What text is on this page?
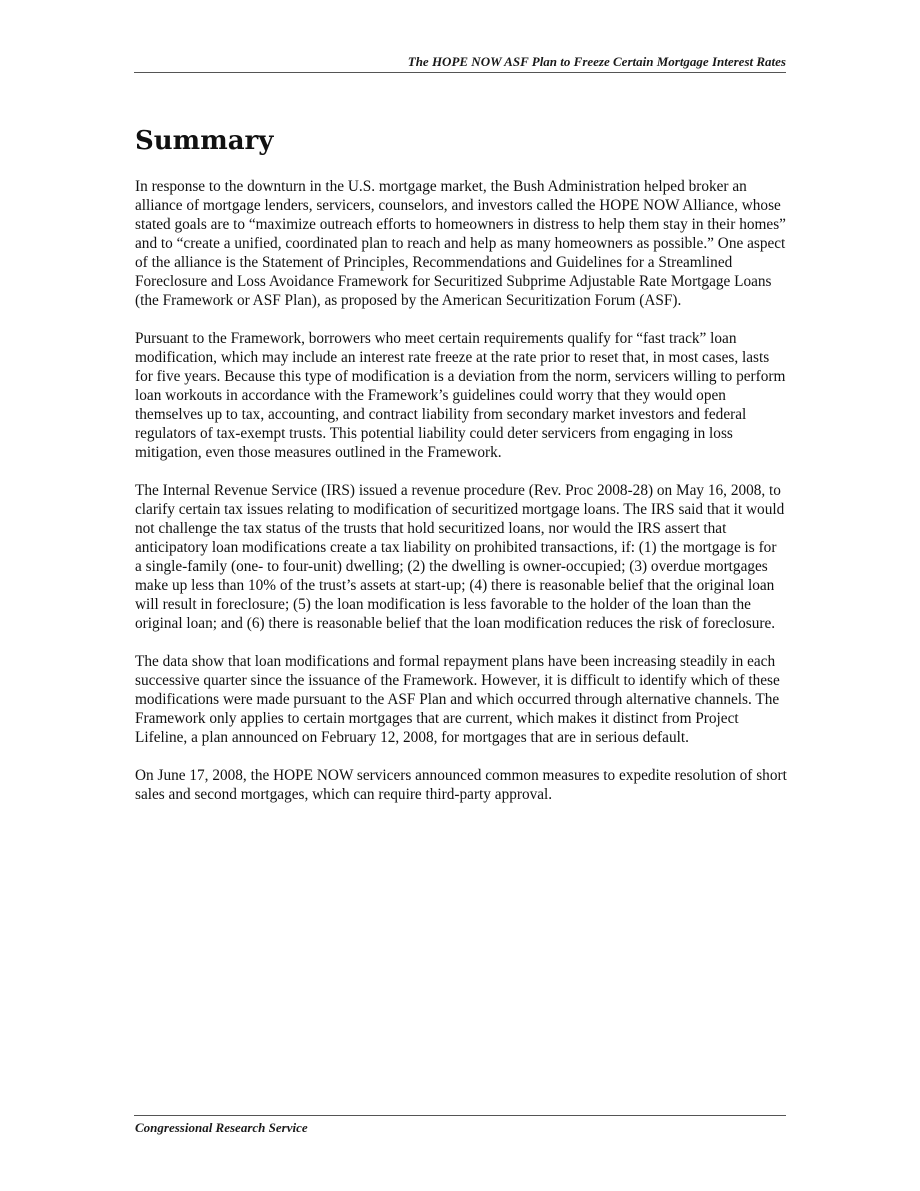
The HOPE NOW ASF Plan to Freeze Certain Mortgage Interest Rates
Summary

In response to the downturn in the U.S. mortgage market, the Bush Administration helped broker an alliance of mortgage lenders, servicers, counselors, and investors called the HOPE NOW Alliance, whose stated goals are to “maximize outreach efforts to homeowners in distress to help them stay in their homes” and to “create a unified, coordinated plan to reach and help as many homeowners as possible.” One aspect of the alliance is the Statement of Principles, Recommendations and Guidelines for a Streamlined Foreclosure and Loss Avoidance Framework for Securitized Subprime Adjustable Rate Mortgage Loans (the Framework or ASF Plan), as proposed by the American Securitization Forum (ASF).

Pursuant to the Framework, borrowers who meet certain requirements qualify for “fast track” loan modification, which may include an interest rate freeze at the rate prior to reset that, in most cases, lasts for five years. Because this type of modification is a deviation from the norm, servicers willing to perform loan workouts in accordance with the Framework’s guidelines could worry that they would open themselves up to tax, accounting, and contract liability from secondary market investors and federal regulators of tax-exempt trusts. This potential liability could deter servicers from engaging in loss mitigation, even those measures outlined in the Framework.

The Internal Revenue Service (IRS) issued a revenue procedure (Rev. Proc 2008-28) on May 16, 2008, to clarify certain tax issues relating to modification of securitized mortgage loans. The IRS said that it would not challenge the tax status of the trusts that hold securitized loans, nor would the IRS assert that anticipatory loan modifications create a tax liability on prohibited transactions, if: (1) the mortgage is for a single-family (one- to four-unit) dwelling; (2) the dwelling is owner-occupied; (3) overdue mortgages make up less than 10% of the trust’s assets at start-up; (4) there is reasonable belief that the original loan will result in foreclosure; (5) the loan modification is less favorable to the holder of the loan than the original loan; and (6) there is reasonable belief that the loan modification reduces the risk of foreclosure.

The data show that loan modifications and formal repayment plans have been increasing steadily in each successive quarter since the issuance of the Framework. However, it is difficult to identify which of these modifications were made pursuant to the ASF Plan and which occurred through alternative channels. The Framework only applies to certain mortgages that are current, which makes it distinct from Project Lifeline, a plan announced on February 12, 2008, for mortgages that are in serious default.

On June 17, 2008, the HOPE NOW servicers announced common measures to expedite resolution of short sales and second mortgages, which can require third-party approval.

Congressional Research Service
